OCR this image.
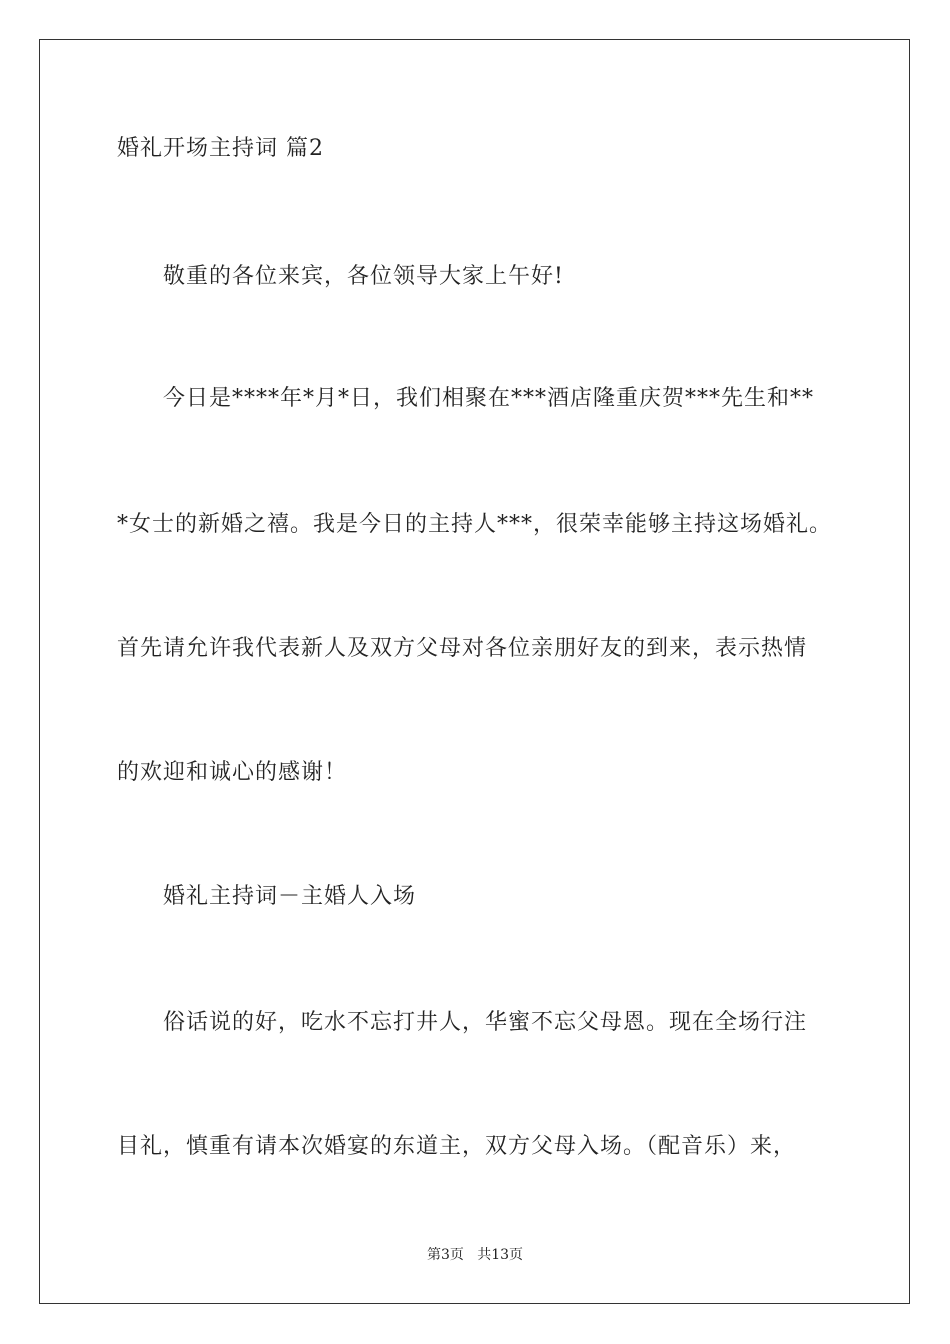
婚礼开场主持词 篇2
敬重的各位来宾，各位领导大家上午好!
今日是****年*月*日，我们相聚在***酒店隆重庆贺***先生和**
*女士的新婚之禧。我是今日的主持人***，很荣幸能够主持这场婚礼。
首先请允许我代表新人及双方父母对各位亲朋好友的到来，表示热情
的欢迎和诚心的感谢！
婚礼主持词－主婚人入场
俗话说的好，吃水不忘打井人，华蜜不忘父母恩。现在全场行注
目礼，慎重有请本次婚宴的东道主，双方父母入场。（配音乐）来，
第3页   共13页
